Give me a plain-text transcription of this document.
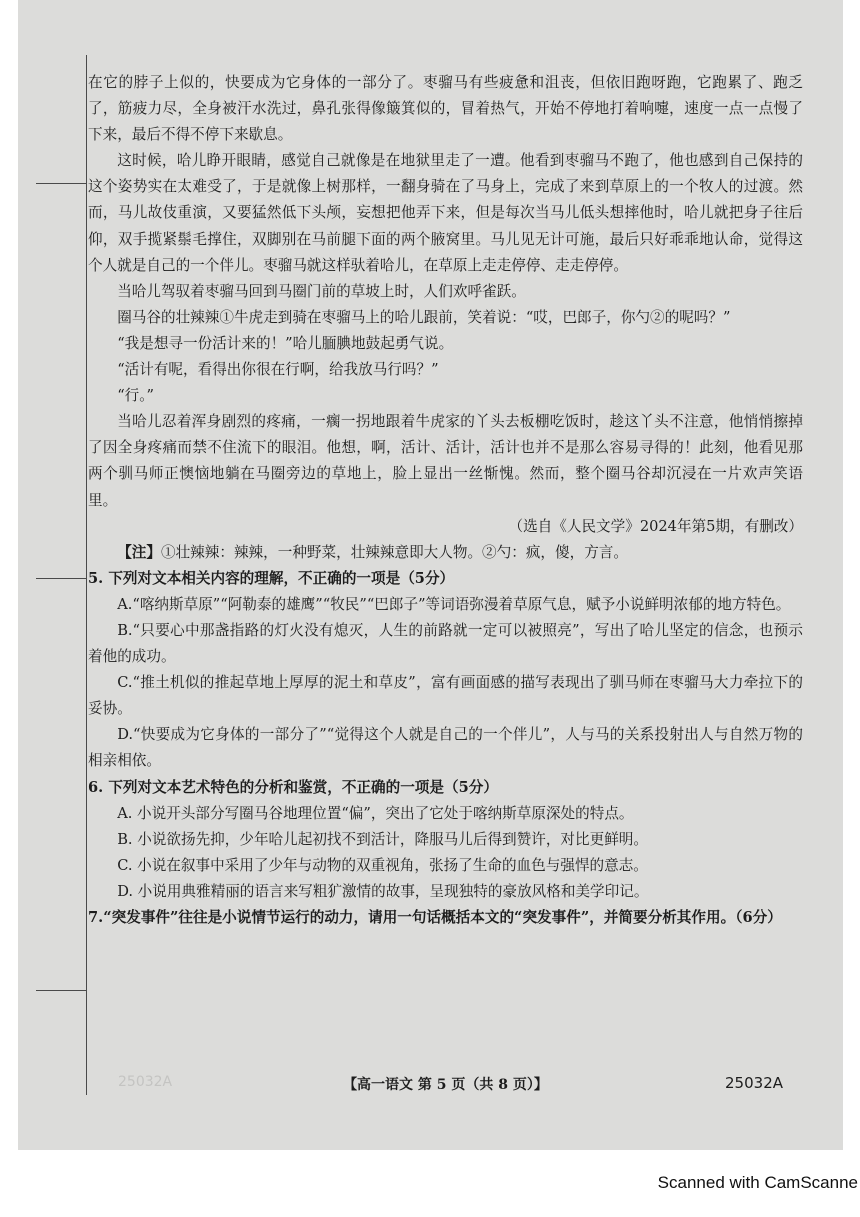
在它的脖子上似的，快要成为它身体的一部分了。枣骝马有些疲惫和沮丧，但依旧跑呀跑，它跑累了、跑乏了，筋疲力尽，全身被汗水洗过，鼻孔张得像簸箕似的，冒着热气，开始不停地打着响嚏，速度一点一点慢了下来，最后不得不停下来歇息。

这时候，哈儿睁开眼睛，感觉自己就像是在地狱里走了一遭。他看到枣骝马不跑了，他也感到自己保持的这个姿势实在太难受了，于是就像上树那样，一翻身骑在了马身上，完成了来到草原上的一个牧人的过渡。然而，马儿故伎重演，又要猛然低下头颅，妄想把他弄下来，但是每次当马儿低头想摔他时，哈儿就把身子往后仰，双手揽紧鬃毛撑住，双脚别在马前腿下面的两个腋窝里。马儿见无计可施，最后只好乖乖地认命，觉得这个人就是自己的一个伴儿。枣骝马就这样驮着哈儿，在草原上走走停停、走走停停。

当哈儿驾驭着枣骝马回到马圈门前的草坡上时，人们欢呼雀跃。

圈马谷的壮辣辣①牛虎走到骑在枣骝马上的哈儿跟前，笑着说：“哎，巴郎子，你勺②的呢吗？”

“我是想寻一份活计来的！”哈儿腼腆地鼓起勇气说。

“活计有呢，看得出你很在行啊，给我放马行吗？”

“行。”

当哈儿忍着浑身剧烈的疼痛，一瘸一拐地跟着牛虎家的丫头去板棚吃饭时，趁这丫头不注意，他悄悄擦掉了因全身疼痛而禁不住流下的眼泪。他想，啊，活计、活计，活计也并不是那么容易寻得的！此刻，他看见那两个驯马师正懊恼地躺在马圈旁边的草地上，脸上显出一丝惭愧。然而，整个圈马谷却沉浸在一片欢声笑语里。

（选自《人民文学》2024年第5期，有删改）

【注】①壮辣辣：辣辣，一种野菜，壮辣辣意即大人物。②勺：疯，傻，方言。

5. 下列对文本相关内容的理解，不正确的一项是（5分）

A.“喀纳斯草原”“阿勒泰的雄鹰”“牧民”“巴郎子”等词语弥漫着草原气息，赋予小说鲜明浓郁的地方特色。

B.“只要心中那盏指路的灯火没有熄灭，人生的前路就一定可以被照亮”，写出了哈儿坚定的信念，也预示着他的成功。

C.“推土机似的推起草地上厚厚的泥土和草皮”，富有画面感的描写表现出了驯马师在枣骝马大力牵拉下的妥协。

D.“快要成为它身体的一部分了”“觉得这个人就是自己的一个伴儿”，人与马的关系投射出人与自然万物的相亲相依。

6. 下列对文本艺术特色的分析和鉴赏，不正确的一项是（5分）

A. 小说开头部分写圈马谷地理位置“偏”，突出了它处于喀纳斯草原深处的特点。

B. 小说欲扬先抑，少年哈儿起初找不到活计，降服马儿后得到赞许，对比更鲜明。

C. 小说在叙事中采用了少年与动物的双重视角，张扬了生命的血色与强悍的意志。

D. 小说用典雅精丽的语言来写粗犷激情的故事，呈现独特的豪放风格和美学印记。

7.“突发事件”往往是小说情节运行的动力，请用一句话概括本文的“突发事件”，并简要分析其作用。（6分）

25032A	【高一语文 第 5 页（共 8 页）】	25032A
Scanned with CamScanne
